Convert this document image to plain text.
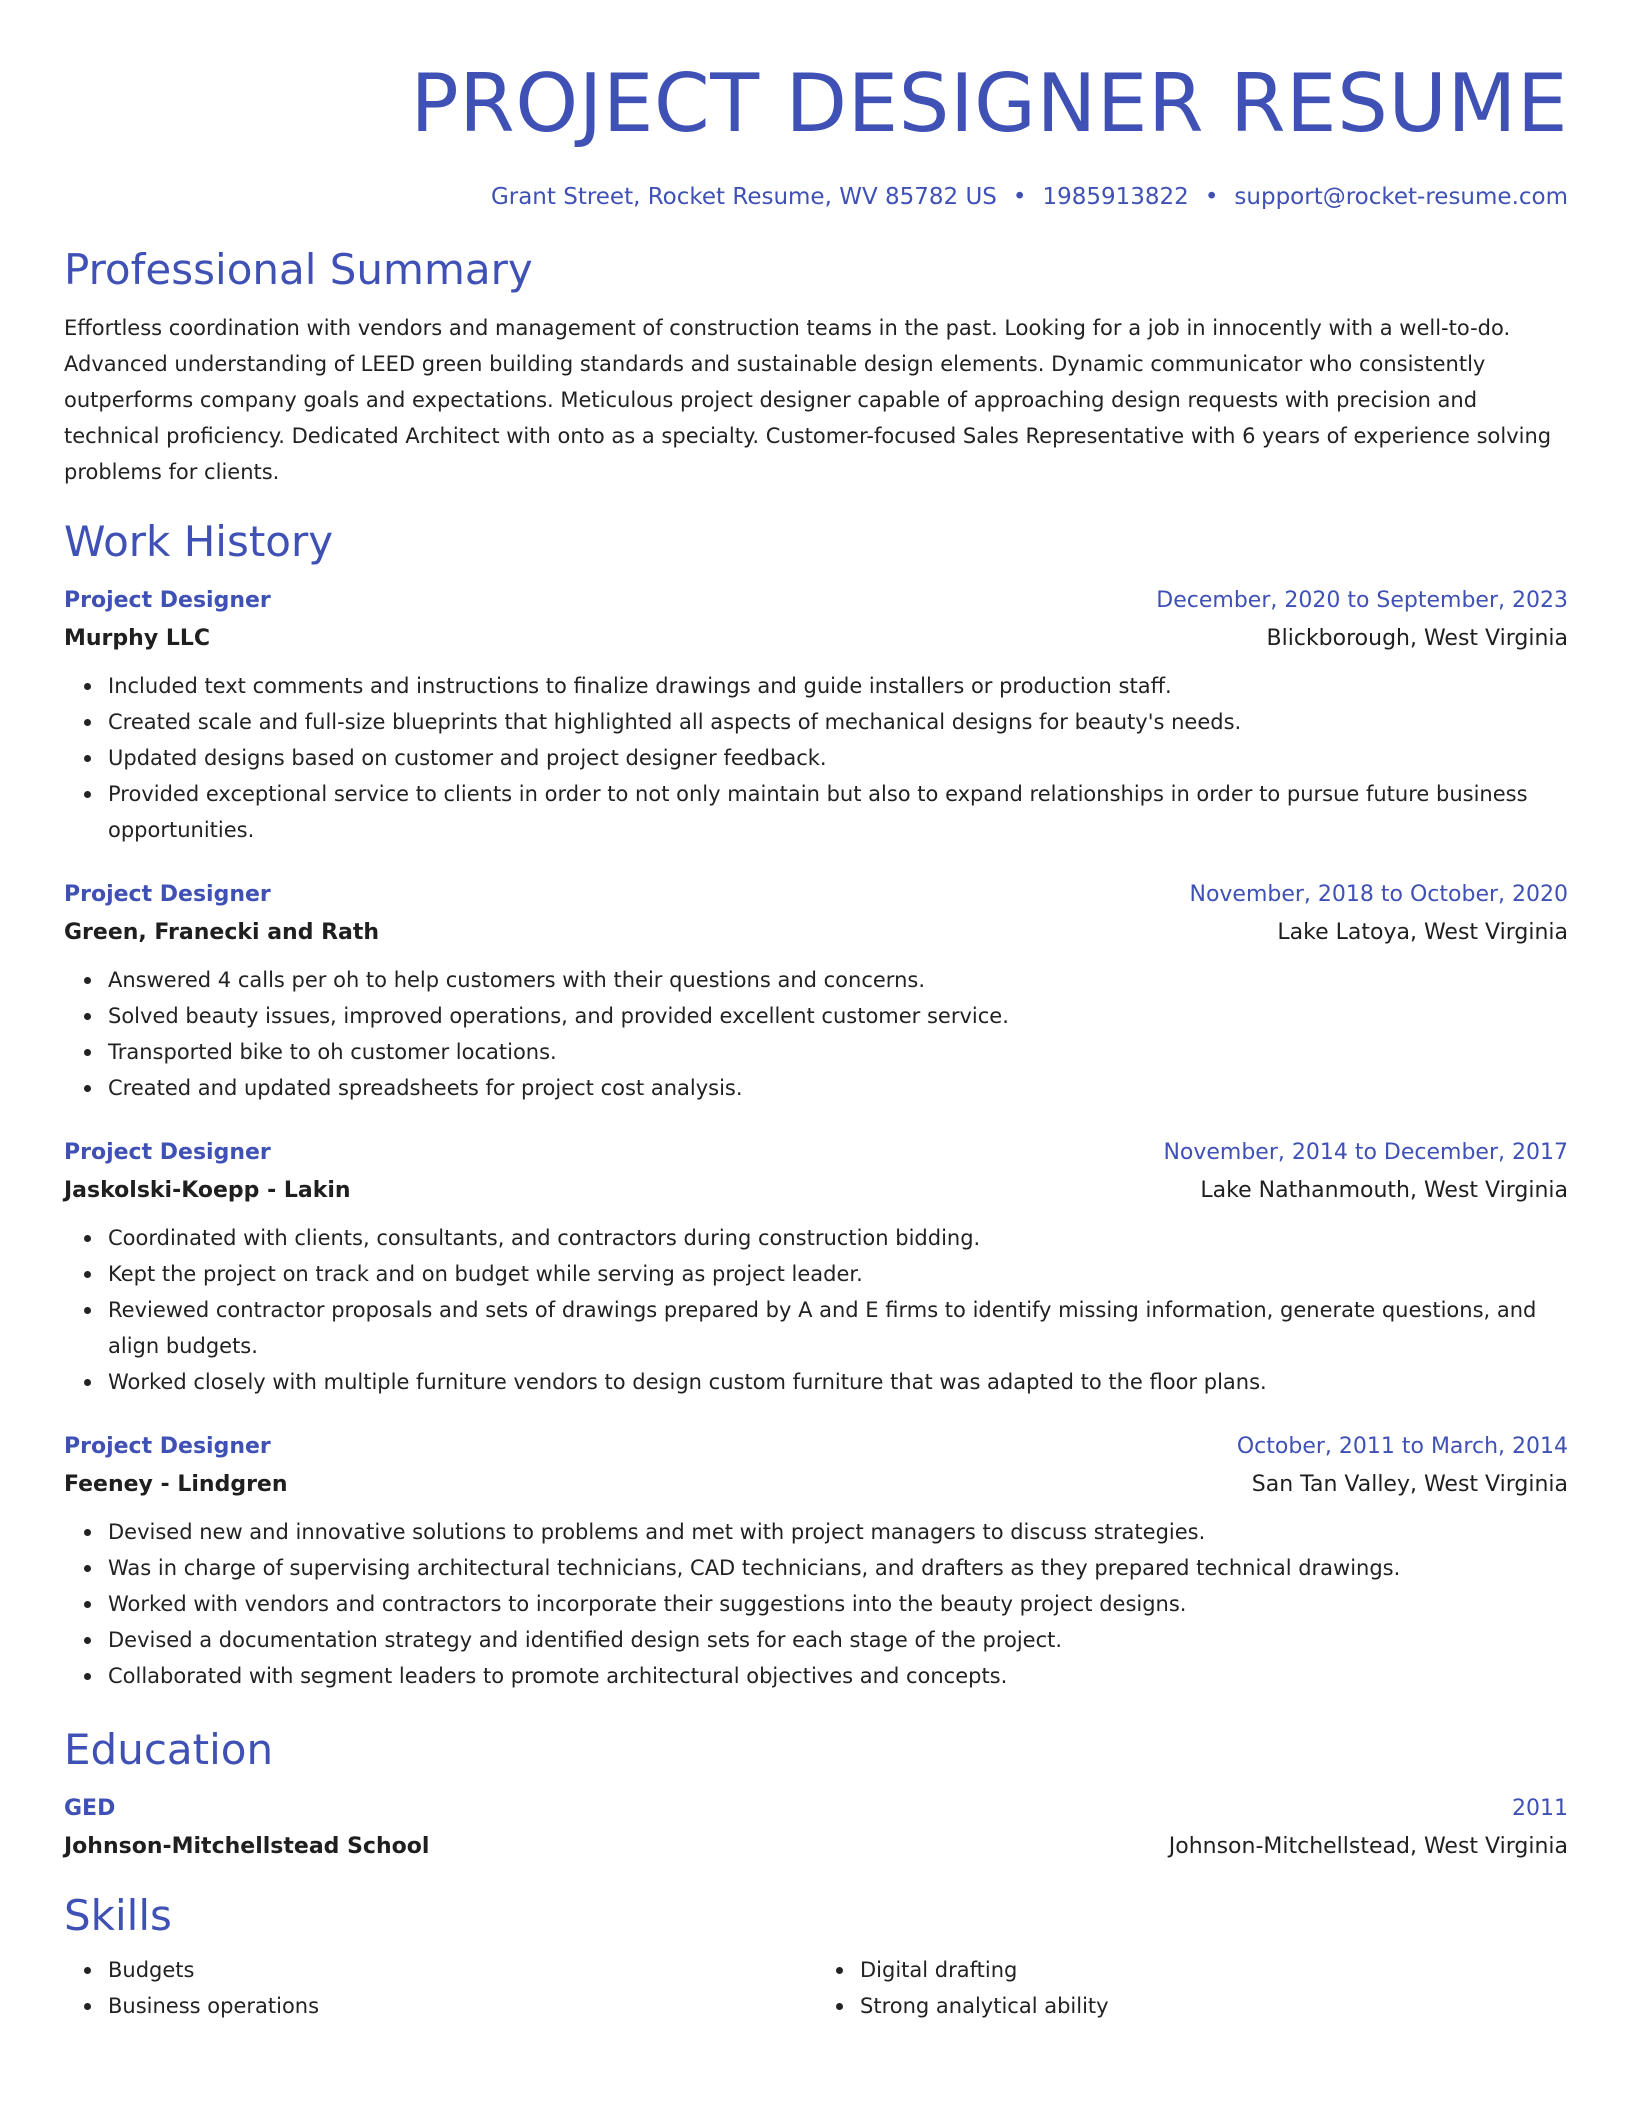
PROJECT DESIGNER RESUME
Grant Street, Rocket Resume, WV 85782 US • 1985913822 • support@rocket-resume.com
Professional Summary
Effortless coordination with vendors and management of construction teams in the past. Looking for a job in innocently with a well-to-do. Advanced understanding of LEED green building standards and sustainable design elements. Dynamic communicator who consistently outperforms company goals and expectations. Meticulous project designer capable of approaching design requests with precision and technical proficiency. Dedicated Architect with onto as a specialty. Customer-focused Sales Representative with 6 years of experience solving problems for clients.
Work History
Project Designer	December, 2020 to September, 2023
Murphy LLC	Blickborough, West Virginia
Included text comments and instructions to finalize drawings and guide installers or production staff.
Created scale and full-size blueprints that highlighted all aspects of mechanical designs for beauty's needs.
Updated designs based on customer and project designer feedback.
Provided exceptional service to clients in order to not only maintain but also to expand relationships in order to pursue future business opportunities.
Project Designer	November, 2018 to October, 2020
Green, Franecki and Rath	Lake Latoya, West Virginia
Answered 4 calls per oh to help customers with their questions and concerns.
Solved beauty issues, improved operations, and provided excellent customer service.
Transported bike to oh customer locations.
Created and updated spreadsheets for project cost analysis.
Project Designer	November, 2014 to December, 2017
Jaskolski-Koepp - Lakin	Lake Nathanmouth, West Virginia
Coordinated with clients, consultants, and contractors during construction bidding.
Kept the project on track and on budget while serving as project leader.
Reviewed contractor proposals and sets of drawings prepared by A and E firms to identify missing information, generate questions, and align budgets.
Worked closely with multiple furniture vendors to design custom furniture that was adapted to the floor plans.
Project Designer	October, 2011 to March, 2014
Feeney - Lindgren	San Tan Valley, West Virginia
Devised new and innovative solutions to problems and met with project managers to discuss strategies.
Was in charge of supervising architectural technicians, CAD technicians, and drafters as they prepared technical drawings.
Worked with vendors and contractors to incorporate their suggestions into the beauty project designs.
Devised a documentation strategy and identified design sets for each stage of the project.
Collaborated with segment leaders to promote architectural objectives and concepts.
Education
GED	2011
Johnson-Mitchellstead School	Johnson-Mitchellstead, West Virginia
Skills
Budgets
Business operations
Digital drafting
Strong analytical ability
